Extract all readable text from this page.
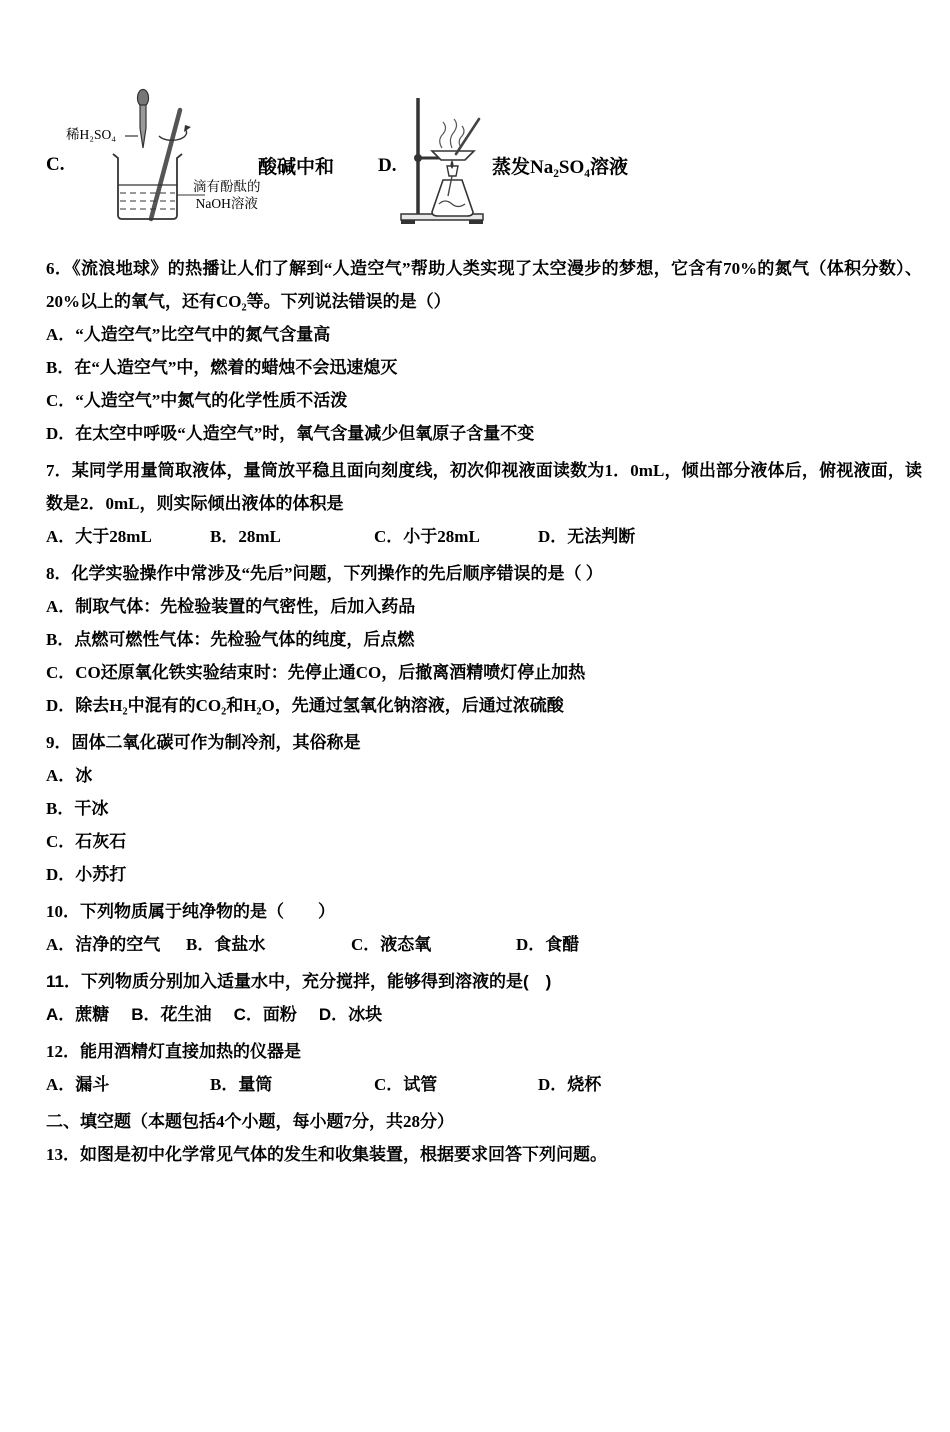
C.
稀H₂SO₄
滴有酚酞的
NaOH溶液
酸碱中和 D.	蒸发Na₂SO₄溶液
6．《流浪地球》的热播让人们了解到“人造空气”帮助人类实现了太空漫步的梦想，它含有70%的氮气（体积分数）、20%以上的氧气，还有CO₂等。下列说法错误的是（）
A．“人造空气”比空气中的氮气含量高
B．在“人造空气”中，燃着的蜡烛不会迅速熄灭
C．“人造空气”中氮气的化学性质不活泼
D．在太空中呼吸“人造空气”时，氧气含量减少但氧原子含量不变
7．某同学用量筒取液体，量筒放平稳且面向刻度线，初次仰视液面读数为1．0mL，倾出部分液体后，俯视液面，读数是2．0mL，则实际倾出液体的体积是
A．大于28mL	B．28mL	C．小于28mL	D．无法判断
8．化学实验操作中常涉及“先后”问题，下列操作的先后顺序错误的是（ ）
A．制取气体：先检验装置的气密性，后加入药品
B．点燃可燃性气体：先检验气体的纯度，后点燃
C．CO还原氧化铁实验结束时：先停止通CO，后撤离酒精喷灯停止加热
D．除去H₂中混有的CO₂和H₂O，先通过氢氧化钠溶液，后通过浓硫酸
9．固体二氧化碳可作为制冷剂，其俗称是
A．冰
B．干冰
C．石灰石
D．小苏打
10．下列物质属于纯净物的是（　　）
A．洁净的空气	B．食盐水	C．液态氧	D．食醋
11．下列物质分别加入适量水中，充分搅拌，能够得到溶液的是(　)
A．蔗糖 B．花生油 C．面粉 D．冰块
12．能用酒精灯直接加热的仪器是
A．漏斗	B．量筒	C．试管	D．烧杯
二、填空题（本题包括4个小题，每小题7分，共28分）
13．如图是初中化学常见气体的发生和收集装置，根据要求回答下列问题。
